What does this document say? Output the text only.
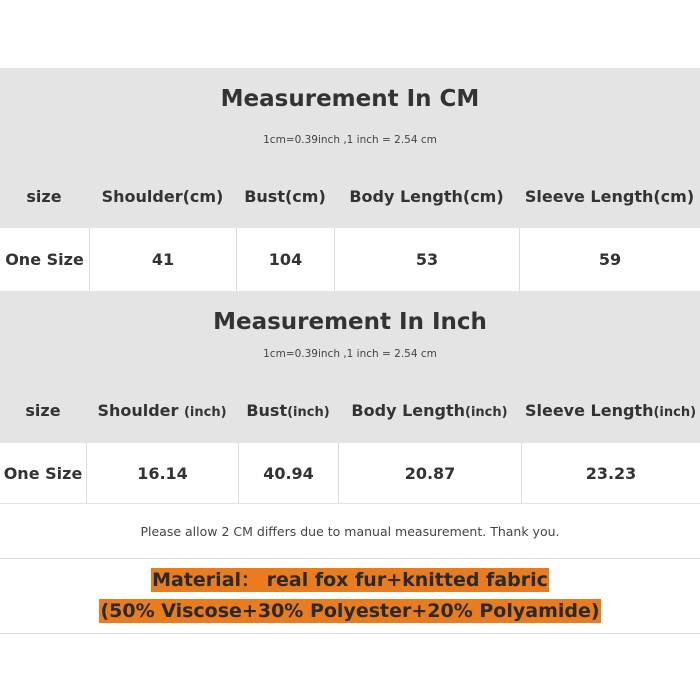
Measurement In CM
1cm=0.39inch ,1 inch = 2.54 cm
size	Shoulder(cm)	Bust(cm)	Body Length(cm)	Sleeve Length(cm)
One Size	41	104	53	59
Measurement In Inch
1cm=0.39inch ,1 inch = 2.54 cm
size	Shoulder (inch)	Bust(inch)	Body Length(inch)	Sleeve Length(inch)
One Size	16.14	40.94	20.87	23.23
Please allow 2 CM differs due to manual measurement. Thank you.
Material： real fox fur+knitted fabric
(50% Viscose+30% Polyester+20% Polyamide)
